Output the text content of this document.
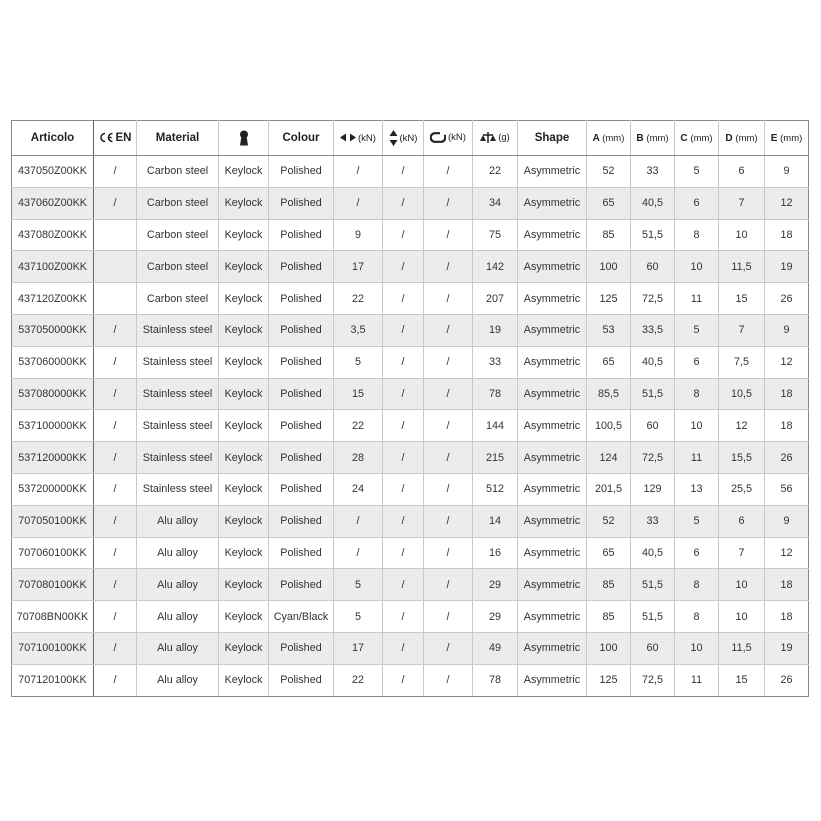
Articolo	EN	Material		Colour	(kN)	(kN)	(kN)	(g)	Shape	A (mm)	B (mm)	C (mm)	D (mm)	E (mm)
437050Z00KK	/	Carbon steel	Keylock	Polished	/	/	/	22	Asymmetric	52	33	5	6	9
437060Z00KK	/	Carbon steel	Keylock	Polished	/	/	/	34	Asymmetric	65	40,5	6	7	12
437080Z00KK		Carbon steel	Keylock	Polished	9	/	/	75	Asymmetric	85	51,5	8	10	18
437100Z00KK		Carbon steel	Keylock	Polished	17	/	/	142	Asymmetric	100	60	10	11,5	19
437120Z00KK		Carbon steel	Keylock	Polished	22	/	/	207	Asymmetric	125	72,5	11	15	26
537050000KK	/	Stainless steel	Keylock	Polished	3,5	/	/	19	Asymmetric	53	33,5	5	7	9
537060000KK	/	Stainless steel	Keylock	Polished	5	/	/	33	Asymmetric	65	40,5	6	7,5	12
537080000KK	/	Stainless steel	Keylock	Polished	15	/	/	78	Asymmetric	85,5	51,5	8	10,5	18
537100000KK	/	Stainless steel	Keylock	Polished	22	/	/	144	Asymmetric	100,5	60	10	12	18
537120000KK	/	Stainless steel	Keylock	Polished	28	/	/	215	Asymmetric	124	72,5	11	15,5	26
537200000KK	/	Stainless steel	Keylock	Polished	24	/	/	512	Asymmetric	201,5	129	13	25,5	56
707050100KK	/	Alu alloy	Keylock	Polished	/	/	/	14	Asymmetric	52	33	5	6	9
707060100KK	/	Alu alloy	Keylock	Polished	/	/	/	16	Asymmetric	65	40,5	6	7	12
707080100KK	/	Alu alloy	Keylock	Polished	5	/	/	29	Asymmetric	85	51,5	8	10	18
70708BN00KK	/	Alu alloy	Keylock	Cyan/Black	5	/	/	29	Asymmetric	85	51,5	8	10	18
707100100KK	/	Alu alloy	Keylock	Polished	17	/	/	49	Asymmetric	100	60	10	11,5	19
707120100KK	/	Alu alloy	Keylock	Polished	22	/	/	78	Asymmetric	125	72,5	11	15	26
